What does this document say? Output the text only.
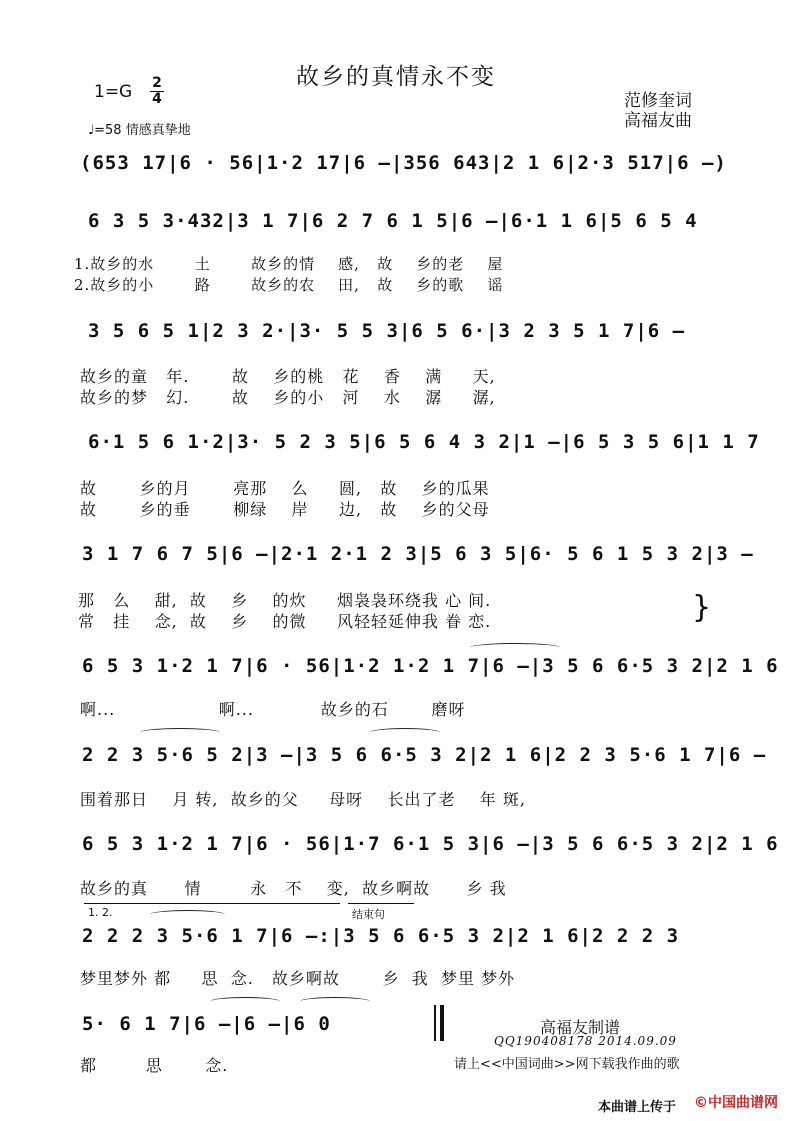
故乡的真情永不变
1=G 2
4
♩=58 情感真挚地
范修奎词
高福友曲
(653 17|6 · 56|1·2 17|6 –|356 643|2 1 6|2·3 517|6 –)
6 3 5 3·432|3 1 7|6 2 7 6 1 5|6 –|6·1 1 6|5 6 5 4
1.故乡的水       土       故乡的情    感,   故    乡的老    屋
2.故乡的小       路       故乡的农    田,   故    乡的歌    谣
3 5 6 5 1|2 3 2·|3· 5 5 3|6 5 6·|3 2 3 5 1 7|6 –
故乡的童   年.       故    乡的桃   花    香    满     天,
故乡的梦   幻.       故    乡的小   河    水    潺     潺,
6·1 5 6 1·2|3· 5 2 3 5|6 5 6 4 3 2|1 –|6 5 3 5 6|1 1 7
故       乡的月       亮那    么     圆,   故    乡的瓜果
故       乡的垂       柳绿    岸     边,   故    乡的父母
3 1 7 6 7 5|6 –|2·1 2·1 2 3|5 6 3 5|6· 5 6 1 5 3 2|3 –
那   么    甜,  故    乡    的炊     烟袅袅环绕我 心 间.
常   挂    念,  故    乡    的微     风轻轻延伸我 眷 恋.	}
6 5 3 1·2 1 7|6 · 56|1·2 1·2 1 7|6 –|3 5 6 6·5 3 2|2 1 6
啊...                 啊...           故乡的石       磨呀
2 2 3 5·6 5 2|3 –|3 5 6 6·5 3 2|2 1 6|2 2 3 5·6 1 7|6 –
围着那日    月 转,  故乡的父     母呀    长出了老    年 斑,
6 5 3 1·2 1 7|6 · 56|1·7 6·1 5 3|6 –|3 5 6 6·5 3 2|2 1 6
故乡的真      情        永   不    变,  故乡啊故      乡 我
1. 2.	结束句
2 2 2 3 5·6 1 7|6 –:|3 5 6 6·5 3 2|2 1 6|2 2 2 3
梦里梦外 都     思  念.   故乡啊故       乡  我  梦里 梦外
5· 6 1 7|6 –|6 –|6 0
都        思       念.
高福友制谱
QQ190408178 2014.09.09
请上<<中国词曲>>网下载我作曲的歌
本曲谱上传于 ©中国曲谱网
